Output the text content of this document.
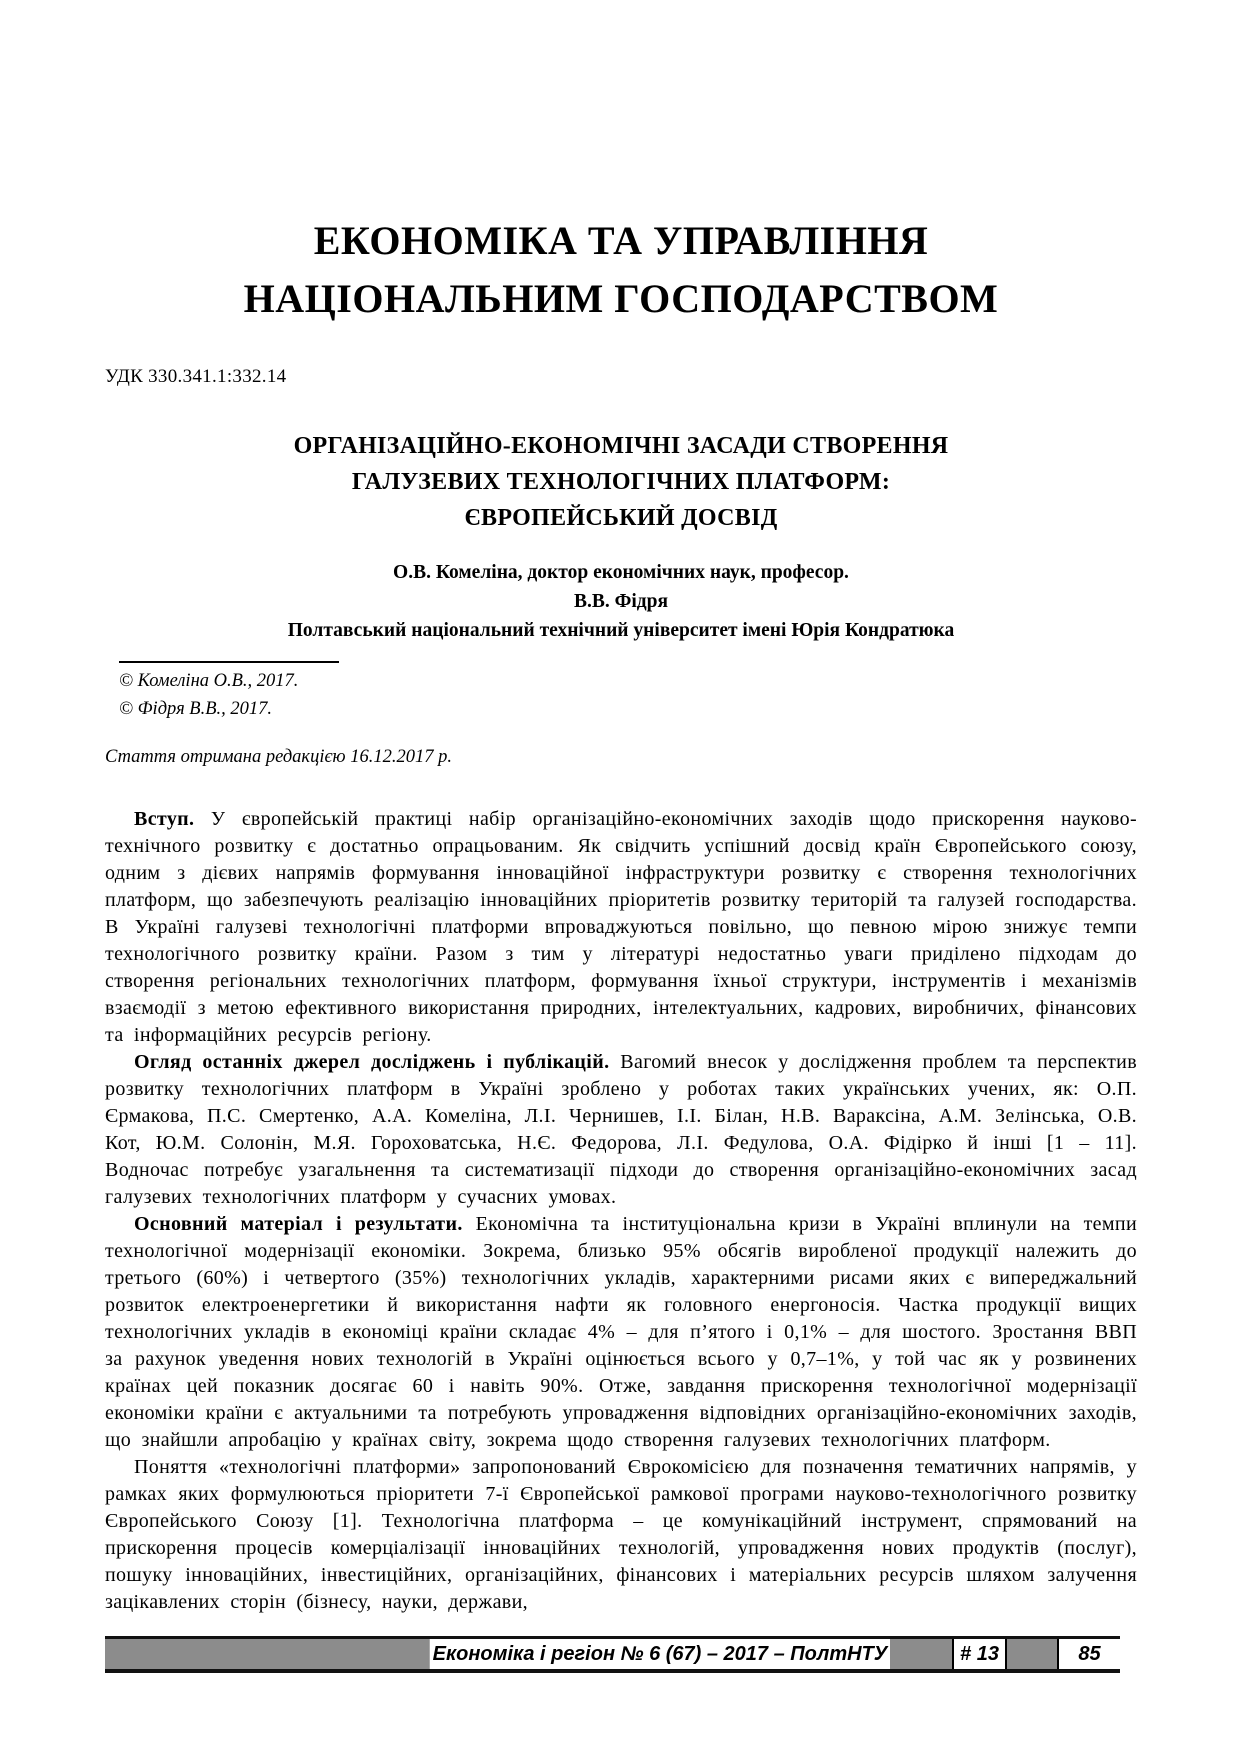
ЕКОНОМІКА ТА УПРАВЛІННЯ
НАЦІОНАЛЬНИМ ГОСПОДАРСТВОМ
УДК 330.341.1:332.14
ОРГАНІЗАЦІЙНО-ЕКОНОМІЧНІ ЗАСАДИ СТВОРЕННЯ
ГАЛУЗЕВИХ ТЕХНОЛОГІЧНИХ ПЛАТФОРМ:
ЄВРОПЕЙСЬКИЙ ДОСВІД
О.В. Комеліна, доктор економічних наук, професор.
В.В. Фідря
Полтавський національний технічний університет імені Юрія Кондратюка
© Комеліна О.В., 2017.
© Фідря В.В., 2017.
Стаття отримана редакцією 16.12.2017 р.

Вступ. У європейській практиці набір організаційно-економічних заходів щодо прискорення науково-технічного розвитку є достатньо опрацьованим. Як свідчить успішний досвід країн Європейського союзу, одним з дієвих напрямів формування інноваційної інфраструктури розвитку є створення технологічних платформ, що забезпечують реалізацію інноваційних пріоритетів розвитку територій та галузей господарства. В Україні галузеві технологічні платформи впроваджуються повільно, що певною мірою знижує темпи технологічного розвитку країни. Разом з тим у літературі недостатньо уваги приділено підходам до створення регіональних технологічних платформ, формування їхньої структури, інструментів і механізмів взаємодії з метою ефективного використання природних, інтелектуальних, кадрових, виробничих, фінансових та інформаційних ресурсів регіону.

Огляд останніх джерел досліджень і публікацій. Вагомий внесок у дослідження проблем та перспектив розвитку технологічних платформ в Україні зроблено у роботах таких українських учених, як: О.П. Єрмакова, П.С. Смертенко, А.А. Комеліна, Л.І. Чернишев, І.І. Білан, Н.В. Вараксіна, А.М. Зелінська, О.В. Кот, Ю.М. Солонін, М.Я. Гороховатська, Н.Є. Федорова, Л.І. Федулова, О.А. Фідірко й інші [1 – 11]. Водночас потребує узагальнення та систематизації підходи до створення організаційно-економічних засад галузевих технологічних платформ у сучасних умовах.

Основний матеріал і результати. Економічна та інституціональна кризи в Україні вплинули на темпи технологічної модернізації економіки. Зокрема, близько 95% обсягів виробленої продукції належить до третього (60%) і четвертого (35%) технологічних укладів, характерними рисами яких є випереджальний розвиток електроенергетики й використання нафти як головного енергоносія. Частка продукції вищих технологічних укладів в економіці країни складає 4% – для п’ятого і 0,1% – для шостого. Зростання ВВП за рахунок уведення нових технологій в Україні оцінюється всього у 0,7–1%, у той час як у розвинених країнах цей показник досягає 60 і навіть 90%. Отже, завдання прискорення технологічної модернізації економіки країни є актуальними та потребують упровадження відповідних організаційно-економічних заходів, що знайшли апробацію у країнах світу, зокрема щодо створення галузевих технологічних платформ.

Поняття «технологічні платформи» запропонований Єврокомісією для позначення тематичних напрямів, у рамках яких формулюються пріоритети 7-ї Європейської рамкової програми науково-технологічного розвитку Європейського Союзу [1]. Технологічна платформа – це комунікаційний інструмент, спрямований на прискорення процесів комерціалізації інноваційних технологій, упровадження нових продуктів (послуг), пошуку інноваційних, інвестиційних, організаційних, фінансових і матеріальних ресурсів шляхом залучення зацікавлених сторін (бізнесу, науки, держави,

Економіка і регіон № 6 (67) – 2017 – ПолтНТУ	# 13	85
